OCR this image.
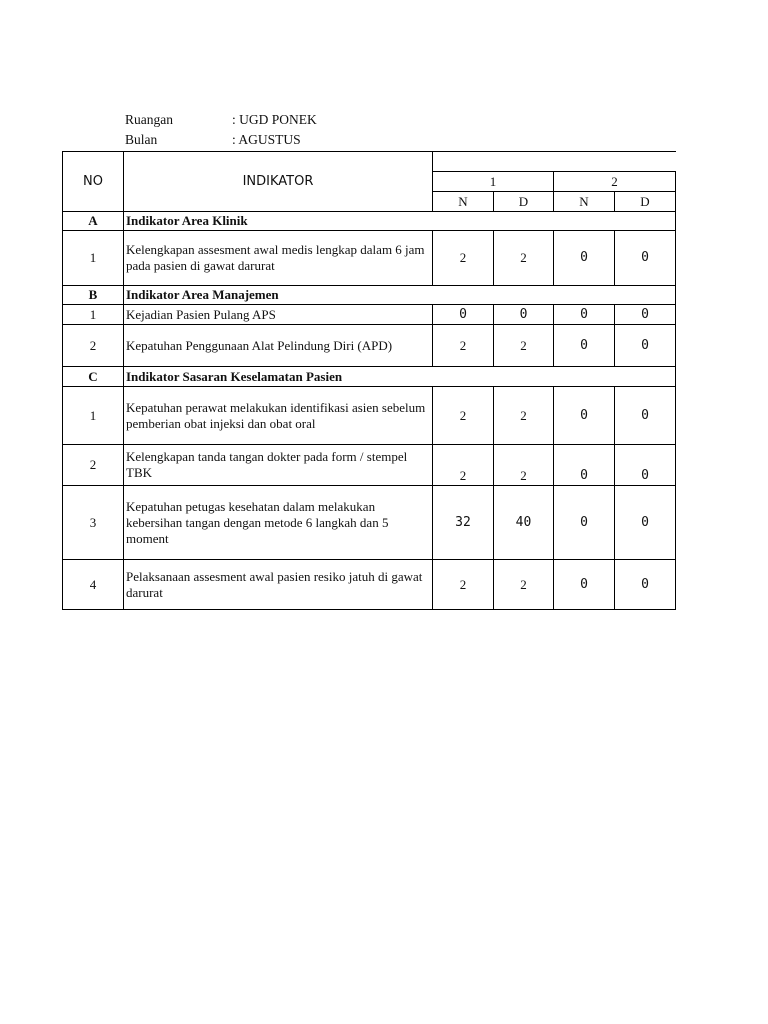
Ruangan	: UGD PONEK
Bulan	: AGUSTUS
NO	INDIKATOR				
		1		2	
		N	D	N	D
A	Indikator Area Klinik				
1	Kelengkapan assesment awal medis lengkap dalam 6 jam pada pasien di gawat darurat	2	2	0	0
B	Indikator Area Manajemen				
1	Kejadian Pasien Pulang APS	0	0	0	0
2	Kepatuhan Penggunaan Alat Pelindung Diri (APD)	2	2	0	0
C	Indikator Sasaran Keselamatan Pasien				
1	Kepatuhan perawat melakukan identifikasi asien sebelum pemberian obat injeksi dan obat oral	2	2	0	0
2	Kelengkapan tanda tangan dokter pada form / stempel TBK	2	2	0	0
3	Kepatuhan petugas kesehatan dalam melakukan kebersihan tangan dengan metode 6 langkah dan 5 moment	32	40	0	0
4	Pelaksanaan assesment awal pasien resiko jatuh di gawat darurat	2	2	0	0
